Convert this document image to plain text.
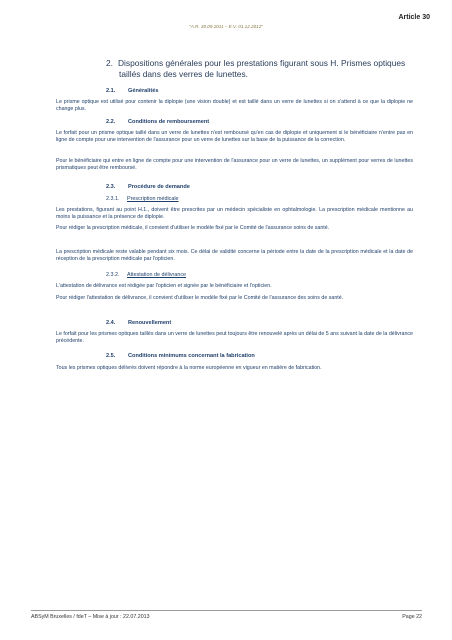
Article 30
"A.R. 30.09.2011 – E.V. 01.12.2012"
2. Dispositions générales pour les prestations figurant sous H. Prismes optiques
taillés dans des verres de lunettes.
2.1. Généralités
Le prisme optique est utilisé pour contenir la diplopie (une vision double) et est taillé dans un verre de lunettes si on s'attend à ce que la diplopie ne change plus.
2.2. Conditions de remboursement
Le forfait pour un prisme optique taillé dans un verre de lunettes n'est remboursé qu'en cas de diplopie et uniquement si le bénéficiaire n'entre pas en ligne de compte pour une intervention de l'assurance pour un verre de lunettes sur la base de la puissance de la correction.
Pour le bénéficiaire qui entre en ligne de compte pour une intervention de l'assurance pour un verre de lunettes, un supplément pour verres de lunettes prismatiques peut être remboursé.
2.3. Procédure de demande
2.3.1. Prescription médicale
Les prestations, figurant au point H.1., doivent être prescrites par un médecin spécialiste en ophtalmologie. La prescription médicale mentionne au moins la puissance et la présence de diplopie.
Pour rédiger la prescription médicale, il convient d'utiliser le modèle fixé par le Comité de l'assurance soins de santé.
La prescription médicale reste valable pendant six mois. Ce délai de validité concerne la période entre la date de la prescription médicale et la date de réception de la prescription médicale par l'opticien.
2.3.2. Attestation de délivrance
L'attestation de délivrance est rédigée par l'opticien et signée par le bénéficiaire et l'opticien.
Pour rédiger l'attestation de délivrance, il convient d'utiliser le modèle fixé par le Comité de l'assurance des soins de santé.
2.4. Renouvellement
Le forfait pour les prismes optiques taillés dans un verre de lunettes peut toujours être renouvelé après un délai de 5 ans suivant la date de la délivrance précédente.
2.5. Conditions minimums concernant la fabrication
Tous les prismes optiques délivrés doivent répondre à la norme européenne en vigueur en matière de fabrication.
ABSyM Bruxelles / fdeT – Mise à jour : 22.07.2013	Page 22
